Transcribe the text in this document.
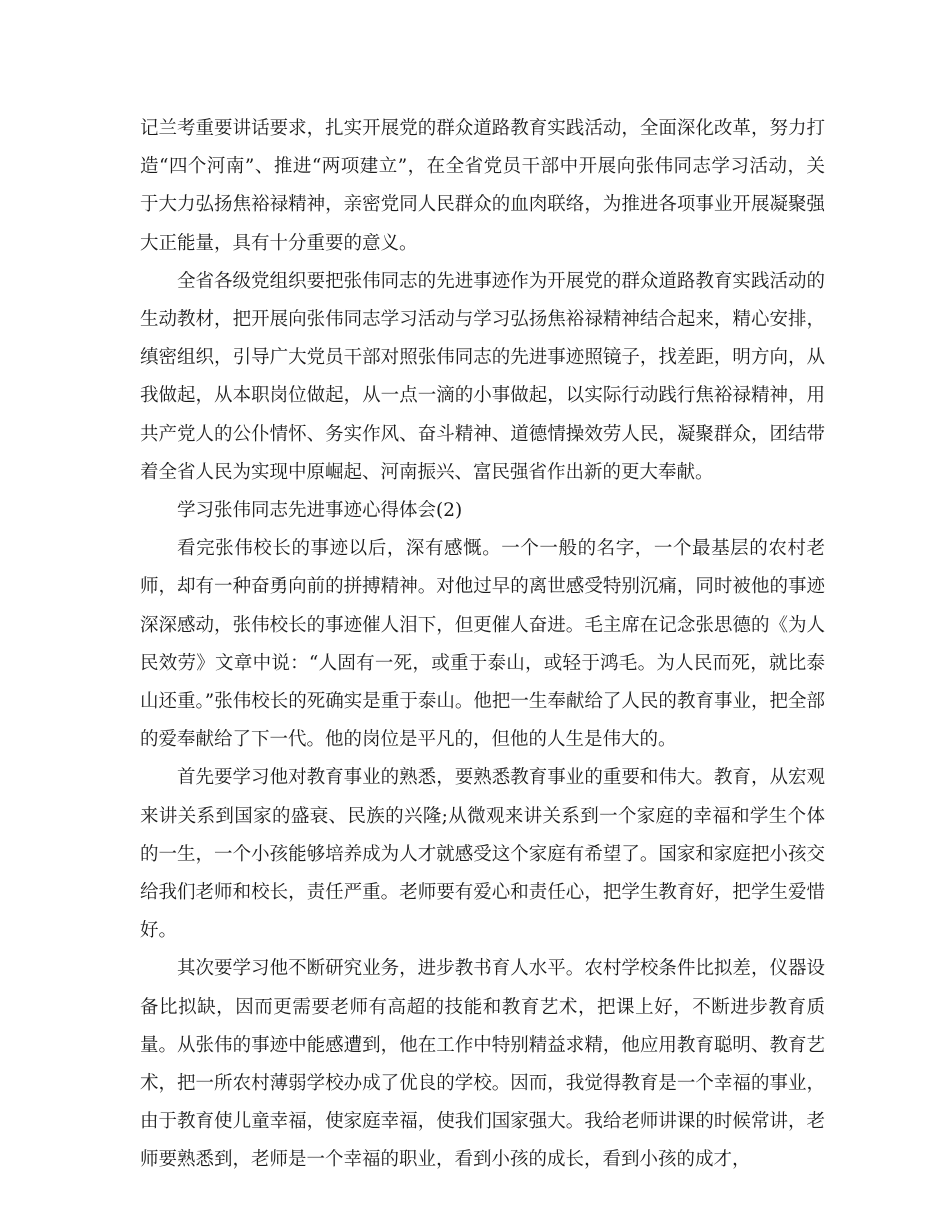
记兰考重要讲话要求，扎实开展党的群众道路教育实践活动，全面深化改革，努力打造“四个河南”、推进“两项建立”，在全省党员干部中开展向张伟同志学习活动，关于大力弘扬焦裕禄精神，亲密党同人民群众的血肉联络，为推进各项事业开展凝聚强大正能量，具有十分重要的意义。

全省各级党组织要把张伟同志的先进事迹作为开展党的群众道路教育实践活动的生动教材，把开展向张伟同志学习活动与学习弘扬焦裕禄精神结合起来，精心安排，缜密组织，引导广大党员干部对照张伟同志的先进事迹照镜子，找差距，明方向，从我做起，从本职岗位做起，从一点一滴的小事做起，以实际行动践行焦裕禄精神，用共产党人的公仆情怀、务实作风、奋斗精神、道德情操效劳人民，凝聚群众，团结带着全省人民为实现中原崛起、河南振兴、富民强省作出新的更大奉献。

学习张伟同志先进事迹心得体会(2)

看完张伟校长的事迹以后，深有感慨。一个一般的名字，一个最基层的农村老师，却有一种奋勇向前的拼搏精神。对他过早的离世感受特别沉痛，同时被他的事迹深深感动，张伟校长的事迹催人泪下，但更催人奋进。毛主席在记念张思德的《为人民效劳》文章中说：“人固有一死，或重于泰山，或轻于鸿毛。为人民而死，就比泰山还重。”张伟校长的死确实是重于泰山。他把一生奉献给了人民的教育事业，把全部的爱奉献给了下一代。他的岗位是平凡的，但他的人生是伟大的。

首先要学习他对教育事业的熟悉，要熟悉教育事业的重要和伟大。教育，从宏观来讲关系到国家的盛衰、民族的兴隆;从微观来讲关系到一个家庭的幸福和学生个体的一生，一个小孩能够培养成为人才就感受这个家庭有希望了。国家和家庭把小孩交给我们老师和校长，责任严重。老师要有爱心和责任心，把学生教育好，把学生爱惜好。

其次要学习他不断研究业务，进步教书育人水平。农村学校条件比拟差，仪器设备比拟缺，因而更需要老师有高超的技能和教育艺术，把课上好，不断进步教育质量。从张伟的事迹中能感遭到，他在工作中特别精益求精，他应用教育聪明、教育艺术，把一所农村薄弱学校办成了优良的学校。因而，我觉得教育是一个幸福的事业，由于教育使儿童幸福，使家庭幸福，使我们国家强大。我给老师讲课的时候常讲，老师要熟悉到，老师是一个幸福的职业，看到小孩的成长，看到小孩的成才，
